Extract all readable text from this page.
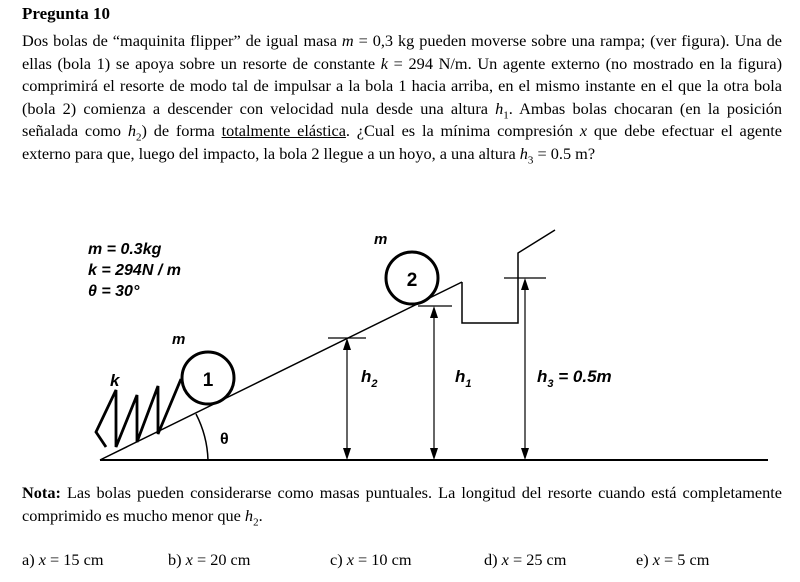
Pregunta 10
Dos bolas de “maquinita flipper” de igual masa m = 0,3 kg pueden moverse sobre una rampa; (ver figura). Una de ellas (bola 1) se apoya sobre un resorte de constante k = 294 N/m. Un agente externo (no mostrado en la figura) comprimirá el resorte de modo tal de impulsar a la bola 1 hacia arriba, en el mismo instante en el que la otra bola (bola 2) comienza a descender con velocidad nula desde una altura $h_1$. Ambas bolas chocaran (en la posición señalada como $h_2$) de forma totalmente elástica. ¿Cual es la mínima compresión x que debe efectuar el agente externo para que, luego del impacto, la bola 2 llegue a un hoyo, a una altura $h_3 = 0.5$ m?
1
2
m = 0.3kg
k = 294N / m
θ = 30°
m
m
k
θ
$h_2$	$h_1$	$h_3 = 0.5m$
Nota: Las bolas pueden considerarse como masas puntuales. La longitud del resorte cuando está completamente comprimido es mucho menor que $h_2$.
a) x = 15 cm	b) x = 20 cm	c) x = 10 cm	d) x = 25 cm	e) x = 5 cm
